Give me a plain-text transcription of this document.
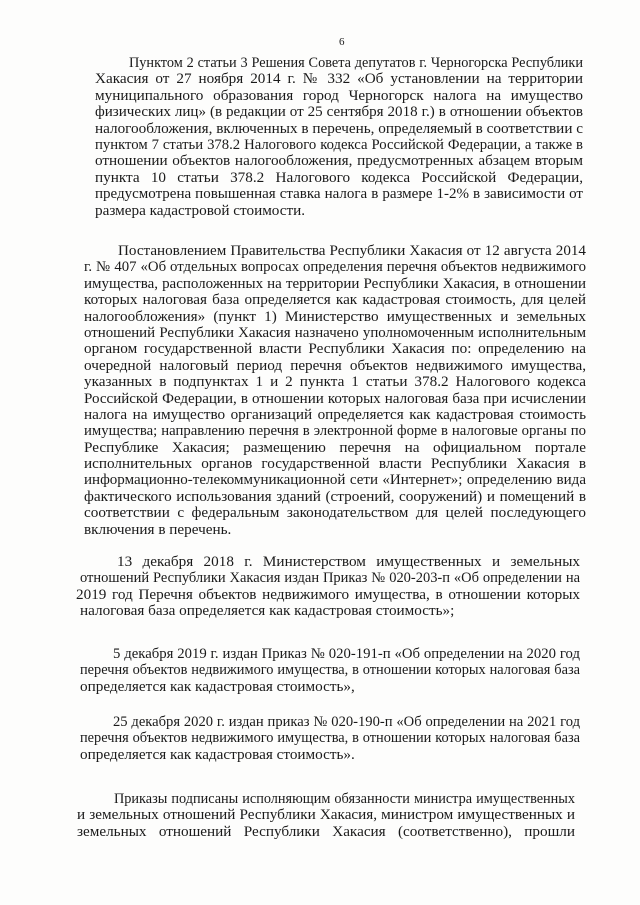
6
Пунктом 2 статьи 3 Решения Совета депутатов г. Черногорска Республики
Хакасия от 27 ноября 2014 г. № 332 «Об установлении на территории
муниципального образования город Черногорск налога на имущество
физических лиц» (в редакции от 25 сентября 2018 г.) в отношении объектов
налогообложения, включенных в перечень, определяемый в соответствии с
пунктом 7 статьи 378.2 Налогового кодекса Российской Федерации, а также в
отношении объектов налогообложения, предусмотренных абзацем вторым
пункта 10 статьи 378.2 Налогового кодекса Российской Федерации,
предусмотрена повышенная ставка налога в размере 1-2% в зависимости от
размера кадастровой стоимости.
Постановлением Правительства Республики Хакасия от 12 августа 2014
г. № 407 «Об отдельных вопросах определения перечня объектов недвижимого
имущества, расположенных на территории Республики Хакасия, в отношении
которых налоговая база определяется как кадастровая стоимость, для целей
налогообложения» (пункт 1) Министерство имущественных и земельных
отношений Республики Хакасия назначено уполномоченным исполнительным
органом государственной власти Республики Хакасия по: определению на
очередной налоговый период перечня объектов недвижимого имущества,
указанных в подпунктах 1 и 2 пункта 1 статьи 378.2 Налогового кодекса
Российской Федерации, в отношении которых налоговая база при исчислении
налога на имущество организаций определяется как кадастровая стоимость
имущества; направлению перечня в электронной форме в налоговые органы по
Республике Хакасия; размещению перечня на официальном портале
исполнительных органов государственной власти Республики Хакасия в
информационно-телекоммуникационной сети «Интернет»; определению вида
фактического использования зданий (строений, сооружений) и помещений в
соответствии с федеральным законодательством для целей последующего
включения в перечень.
13 декабря 2018 г. Министерством имущественных и земельных
отношений Республики Хакасия издан Приказ № 020-203-п «Об определении на
2019 год Перечня объектов недвижимого имущества, в отношении которых
налоговая база определяется как кадастровая стоимость»;
5 декабря 2019 г. издан Приказ № 020-191-п «Об определении на 2020 год
перечня объектов недвижимого имущества, в отношении которых налоговая база
определяется как кадастровая стоимость»,
25 декабря 2020 г. издан приказ № 020-190-п «Об определении на 2021 год
перечня объектов недвижимого имущества, в отношении которых налоговая база
определяется как кадастровая стоимость».
Приказы подписаны исполняющим обязанности министра имущественных
и земельных отношений Республики Хакасия, министром имущественных и
земельных отношений Республики Хакасия (соответственно), прошли
